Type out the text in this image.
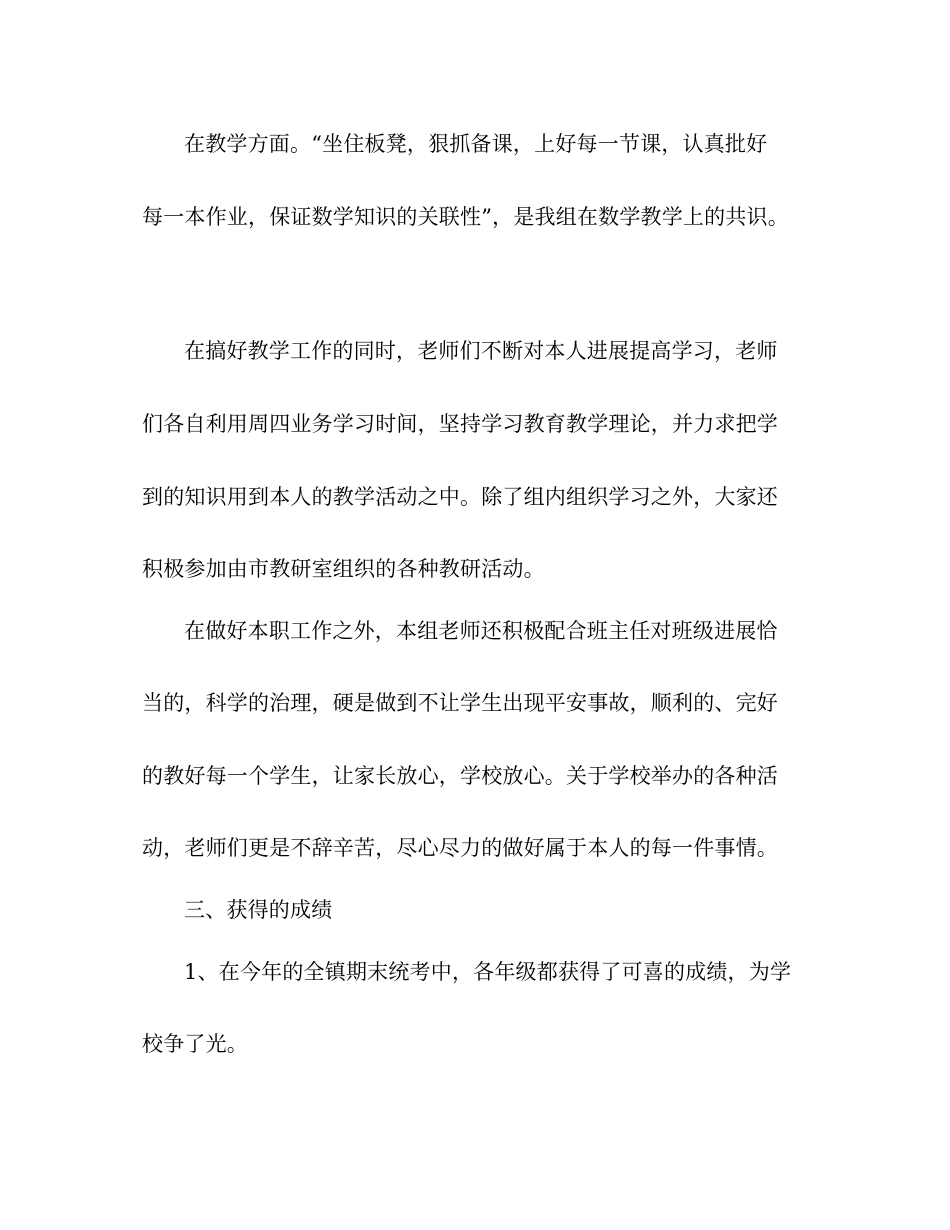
在教学方面。“坐住板凳，狠抓备课，上好每一节课，认真批好
每一本作业，保证数学知识的关联性”，是我组在数学教学上的共识。
在搞好教学工作的同时，老师们不断对本人进展提高学习，老师
们各自利用周四业务学习时间，坚持学习教育教学理论，并力求把学
到的知识用到本人的教学活动之中。除了组内组织学习之外，大家还
积极参加由市教研室组织的各种教研活动。
在做好本职工作之外，本组老师还积极配合班主任对班级进展恰
当的，科学的治理，硬是做到不让学生出现平安事故，顺利的、完好
的教好每一个学生，让家长放心，学校放心。关于学校举办的各种活
动，老师们更是不辞辛苦，尽心尽力的做好属于本人的每一件事情。
三、获得的成绩
1、在今年的全镇期末统考中，各年级都获得了可喜的成绩，为学
校争了光。
